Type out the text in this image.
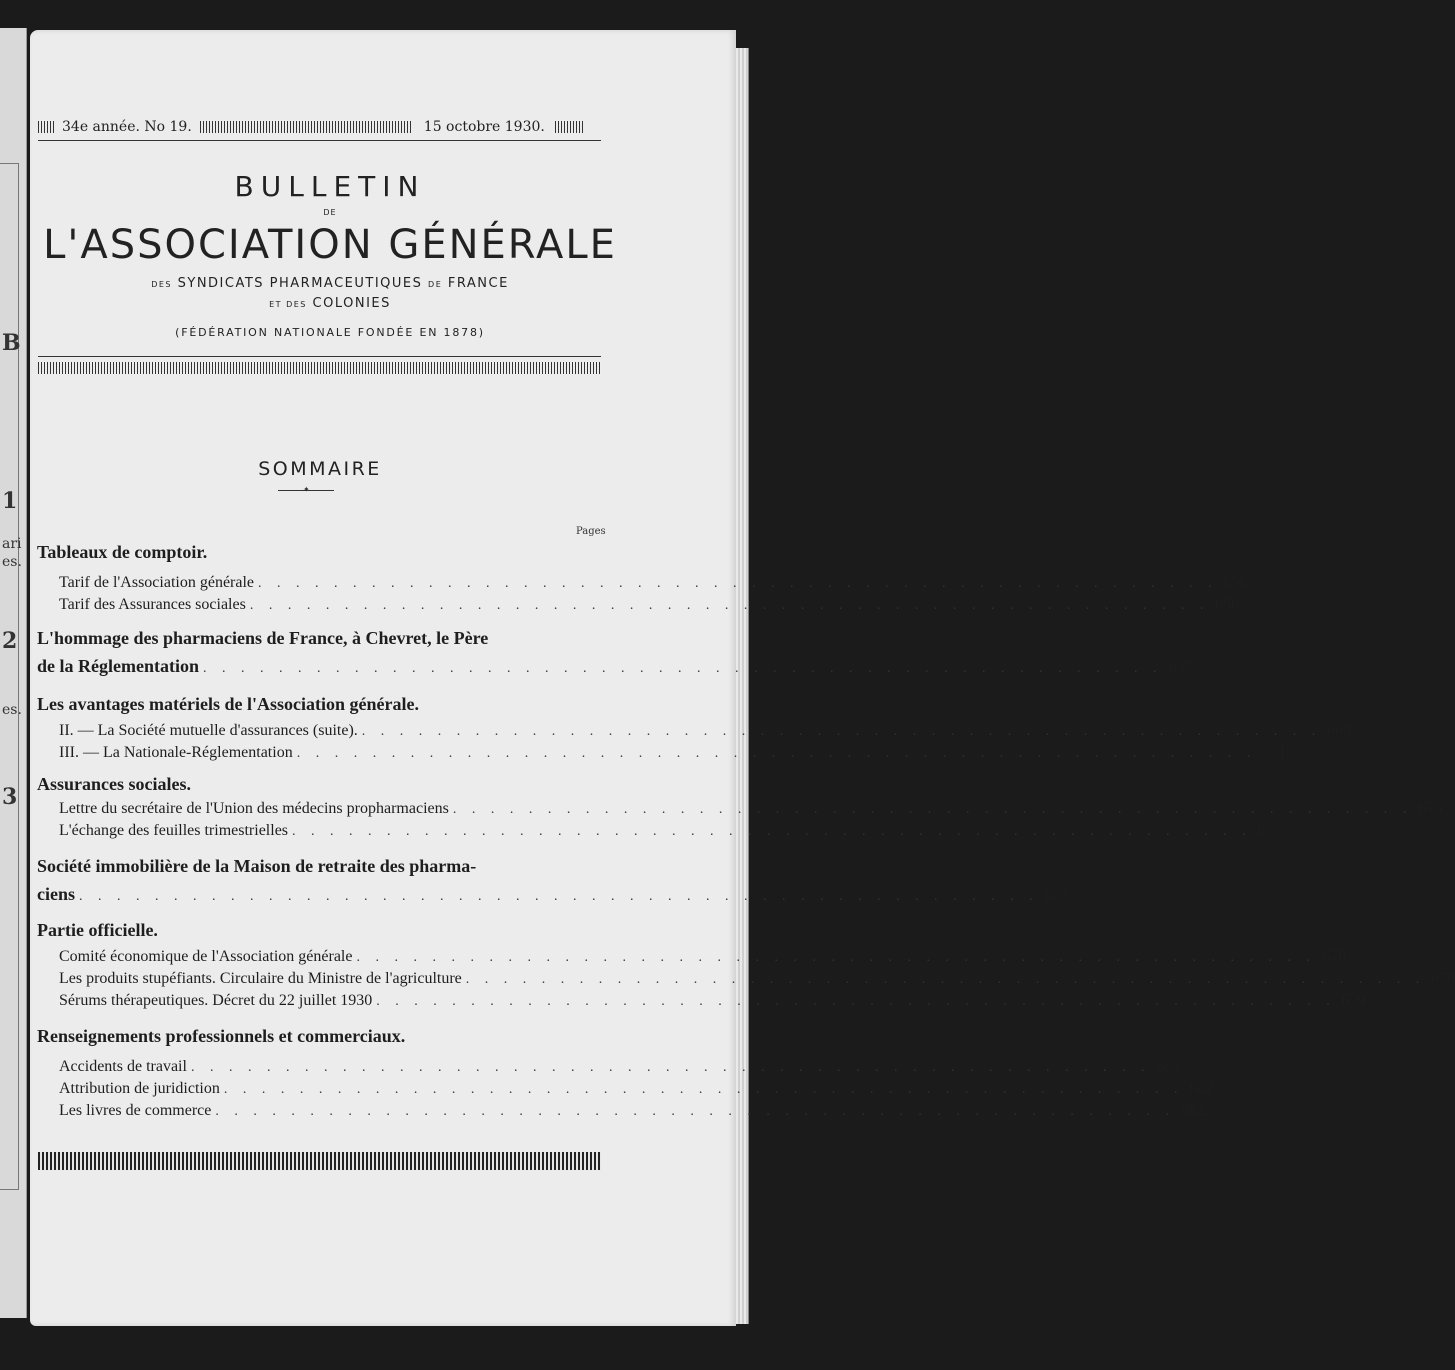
B
1
ari
es.
2
es.
3
34e année. No 19.	15 octobre 1930.
BULLETIN
DE
L'ASSOCIATION GÉNÉRALE
DES SYNDICATS PHARMACEUTIQUES DE FRANCE
ET DES COLONIES
(FÉDÉRATION NATIONALE FONDÉE EN 1878)
SOMMAIRE
✦
Pages
Tableaux de comptoir.
Tarif de l'Association générale . . . . . . . . . . . . . . . . . . . . . . . . . . . . . . . . . . . . . . . . . . . . . . . . . . . 656
Tarif des Assurances sociales . . . . . . . . . . . . . . . . . . . . . . . . . . . . . . . . . . . . . . . . . . . . . . . . . . . 656
L'hommage des pharmaciens de France, à Chevret, le Père
de la Réglementation . . . . . . . . . . . . . . . . . . . . . . . . . . . . . . . . . . . . . . . . . . . . . . . . . . . 657
Les avantages matériels de l'Association générale.
II. — La Société mutuelle d'assurances (suite). . . . . . . . . . . . . . . . . . . . . . . . . . . . . . . . . . . . . . . . . . . . . . . . . . . . 669
III. — La Nationale-Réglementation . . . . . . . . . . . . . . . . . . . . . . . . . . . . . . . . . . . . . . . . . . . . . . . . . . . 671
Assurances sociales.
Lettre du secrétaire de l'Union des médecins propharmaciens . . . . . . . . . . . . . . . . . . . . . . . . . . . . . . . . . . . . . . . . . . . . . . . . . . . 675
L'échange des feuilles trimestrielles . . . . . . . . . . . . . . . . . . . . . . . . . . . . . . . . . . . . . . . . . . . . . . . . . . . 675
Société immobilière de la Maison de retraite des pharma-
ciens . . . . . . . . . . . . . . . . . . . . . . . . . . . . . . . . . . . . . . . . . . . . . . . . . . . 676
Partie officielle.
Comité économique de l'Association générale . . . . . . . . . . . . . . . . . . . . . . . . . . . . . . . . . . . . . . . . . . . . . . . . . . . 678
Les produits stupéfiants. Circulaire du Ministre de l'agriculture . . . . . . . . . . . . . . . . . . . . . . . . . . . . . . . . . . . . . . . . . . . . . . . . . . . 679
Sérums thérapeutiques. Décret du 22 juillet 1930 . . . . . . . . . . . . . . . . . . . . . . . . . . . . . . . . . . . . . . . . . . . . . . . . . . . 679
Renseignements professionnels et commerciaux.
Accidents de travail . . . . . . . . . . . . . . . . . . . . . . . . . . . . . . . . . . . . . . . . . . . . . . . . . . . 682
Attribution de juridiction . . . . . . . . . . . . . . . . . . . . . . . . . . . . . . . . . . . . . . . . . . . . . . . . . . . 682
Les livres de commerce . . . . . . . . . . . . . . . . . . . . . . . . . . . . . . . . . . . . . . . . . . . . . . . . . . . 682
